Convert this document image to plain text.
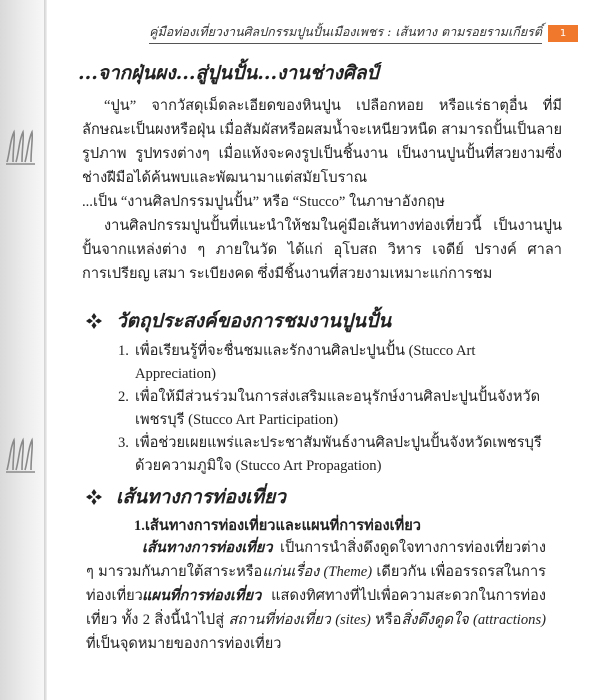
คู่มือท่องเที่ยวงานศิลปกรรมปูนปั้นเมืองเพชร : เส้นทาง ตามรอยรามเกียรติ์	1
...จากฝุ่นผง...สู่ปูนปั้น...งานช่างศิลป์

“ปูน” จากวัสดุเม็ดละเอียดของหินปูน เปลือกหอย หรือแร่ธาตุอื่น ที่มีลักษณะเป็นผงหรือฝุ่น เมื่อสัมผัสหรือผสมน้ำจะเหนียวหนืด สามารถปั้นเป็นลาย รูปภาพ รูปทรงต่างๆ เมื่อแห้งจะคงรูปเป็นชิ้นงาน เป็นงานปูนปั้นที่สวยงามซึ่งช่างฝีมือได้ค้นพบและพัฒนามาแต่สมัยโบราณ

...เป็น “งานศิลปกรรมปูนปั้น” หรือ “Stucco” ในภาษาอังกฤษ

งานศิลปกรรมปูนปั้นที่แนะนำให้ชมในคู่มือเส้นทางท่องเที่ยวนี้ เป็นงานปูนปั้นจากแหล่งต่าง ๆ ภายในวัด ได้แก่ อุโบสถ วิหาร เจดีย์ ปรางค์ ศาลาการเปรียญ เสมา ระเบียงคด ซึ่งมีชิ้นงานที่สวยงามเหมาะแก่การชม

วัตถุประสงค์ของการชมงานปูนปั้น
1. เพื่อเรียนรู้ที่จะชื่นชมและรักงานศิลปะปูนปั้น (Stucco Art Appreciation)
2. เพื่อให้มีส่วนร่วมในการส่งเสริมและอนุรักษ์งานศิลปะปูนปั้นจังหวัดเพชรบุรี (Stucco Art Participation)
3. เพื่อช่วยเผยแพร่และประชาสัมพันธ์งานศิลปะปูนปั้นจังหวัดเพชรบุรีด้วยความภูมิใจ (Stucco Art Propagation)
เส้นทางการท่องเที่ยว
1.เส้นทางการท่องเที่ยวและแผนที่การท่องเที่ยว

เส้นทางการท่องเที่ยว เป็นการนำสิ่งดึงดูดใจทางการท่องเที่ยวต่าง ๆ มารวมกันภายใต้สาระหรือแก่นเรื่อง (Theme) เดียวกัน เพื่ออรรถรสในการท่องเที่ยว แผนที่การท่องเที่ยว แสดงทิศทางที่ไปเพื่อความสะดวกในการท่องเที่ยว ทั้ง 2 สิ่งนี้นำไปสู่ สถานที่ท่องเที่ยว (sites) หรือสิ่งดึงดูดใจ (attractions) ที่เป็นจุดหมายของการท่องเที่ยว
